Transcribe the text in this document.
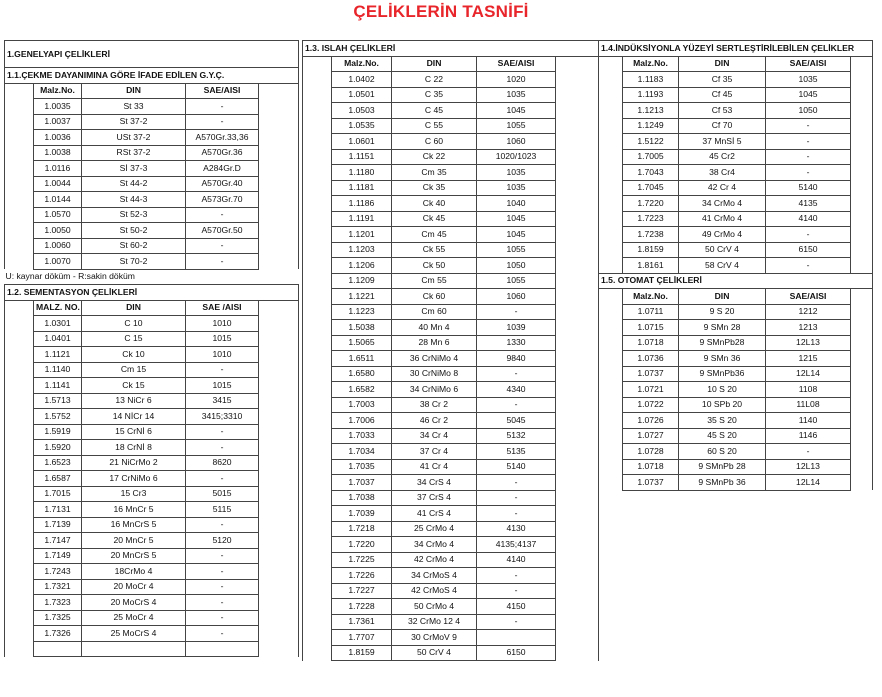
ÇELİKLERİN TASNİFİ
1.GENELYAPI ÇELİKLERİ				
1.1.ÇEKME DAYANIMINA GÖRE İFADE EDİLEN G.Y.Ç.				
	Malz.No.	DIN	SAE/AISI	
	1.0035	St 33	-	
	1.0037	St 37-2	-	
	1.0036	USt 37-2	A570Gr.33,36	
	1.0038	RSt 37-2	A570Gr.36	
	1.0116	Sİ 37-3	A284Gr.D	
	1.0044	St 44-2	A570Gr.40	
	1.0144	St 44-3	A573Gr.70	
	1.0570	St 52-3	-	
	1.0050	St 50-2	A570Gr.50	
	1.0060	St 60-2	-	
	1.0070	St 70-2	-	
U: kaynar döküm - R:sakin döküm				
1.2. SEMENTASYON ÇELİKLERİ				
	MALZ. NO.	DIN	SAE /AISI	
	1.0301	C 10	1010	
	1.0401	C 15	1015	
	1.1121	Ck 10	1010	
	1.1140	Cm 15	-	
	1.1141	Ck 15	1015	
	1.5713	13 NiCr 6	3415	
	1.5752	14 NİCr 14	3415;3310	
	1.5919	15 CrNİ 6	-	
	1.5920	18 CrNİ 8	-	
	1.6523	21 NiCrMo 2	8620	
	1.6587	17 CrNiMo 6	-	
	1.7015	15 Cr3	5015	
	1.7131	16 MnCr 5	5115	
	1.7139	16 MnCrS 5	-	
	1.7147	20 MnCr 5	5120	
	1.7149	20 MnCrS 5	-	
	1.7243	18CrMo 4	-	
	1.7321	20 MoCr 4	-	
	1.7323	20 MoCrS 4	-	
	1.7325	25 MoCr 4	-	
	1.7326	25 MoCrS 4	-	

1.3. ISLAH ÇELİKLERİ				
	Malz.No.	DIN	SAE/AISI	
	1.0402	C 22	1020	
	1.0501	C 35	1035	
	1.0503	C 45	1045	
	1.0535	C 55	1055	
	1.0601	C 60	1060	
	1.1151	Ck 22	1020/1023	
	1.1180	Cm 35	1035	
	1.1181	Ck 35	1035	
	1.1186	Ck 40	1040	
	1.1191	Ck 45	1045	
	1.1201	Cm 45	1045	
	1.1203	Ck 55	1055	
	1.1206	Ck 50	1050	
	1.1209	Cm 55	1055	
	1.1221	Ck 60	1060	
	1.1223	Cm 60	-	
	1.5038	40 Mn 4	1039	
	1.5065	28 Mn 6	1330	
	1.6511	36 CrNiMo 4	9840	
	1.6580	30 CrNiMo 8	-	
	1.6582	34 CrNiMo 6	4340	
	1.7003	38 Cr 2	-	
	1.7006	46 Cr 2	5045	
	1.7033	34 Cr 4	5132	
	1.7034	37 Cr 4	5135	
	1.7035	41 Cr 4	5140	
	1.7037	34 CrS 4	-	
	1.7038	37 CrS 4	-	
	1.7039	41 CrS 4	-	
	1.7218	25 CrMo 4	4130	
	1.7220	34 CrMo 4	4135;4137	
	1.7225	42 CrMo 4	4140	
	1.7226	34 CrMoS 4	-	
	1.7227	42 CrMoS 4	-	
	1.7228	50 CrMo 4	4150	
	1.7361	32 CrMo 12 4	-	
	1.7707	30 CrMoV 9		
	1.8159	50 CrV 4	6150	
1.4.İNDÜKSİYONLA YÜZEYİ SERTLEŞTİRİLEBİLEN ÇELİKLER				
	Malz.No.	DIN	SAE/AISI	
	1.1183	Cf 35	1035	
	1.1193	Cf 45	1045	
	1.1213	Cf 53	1050	
	1.1249	Cf 70	-	
	1.5122	37 MnSİ 5	-	
	1.7005	45 Cr2	-	
	1.7043	38 Cr4	-	
	1.7045	42 Cr 4	5140	
	1.7220	34 CrMo 4	4135	
	1.7223	41 CrMo 4	4140	
	1.7238	49 CrMo 4	-	
	1.8159	50 CrV 4	6150	
	1.8161	58 CrV 4	-	
1.5. OTOMAT ÇELİKLERİ				
	Malz.No.	DIN	SAE/AISI	
	1.0711	9 S 20	1212	
	1.0715	9 SMn 28	1213	
	1.0718	9 SMnPb28	12L13	
	1.0736	9 SMn 36	1215	
	1.0737	9 SMnPb36	12L14	
	1.0721	10 S 20	1108	
	1.0722	10 SPb 20	11L08	
	1.0726	35 S 20	1140	
	1.0727	45 S 20	1146	
	1.0728	60 S 20	-	
	1.0718	9 SMnPb 28	12L13	
	1.0737	9 SMnPb 36	12L14	
